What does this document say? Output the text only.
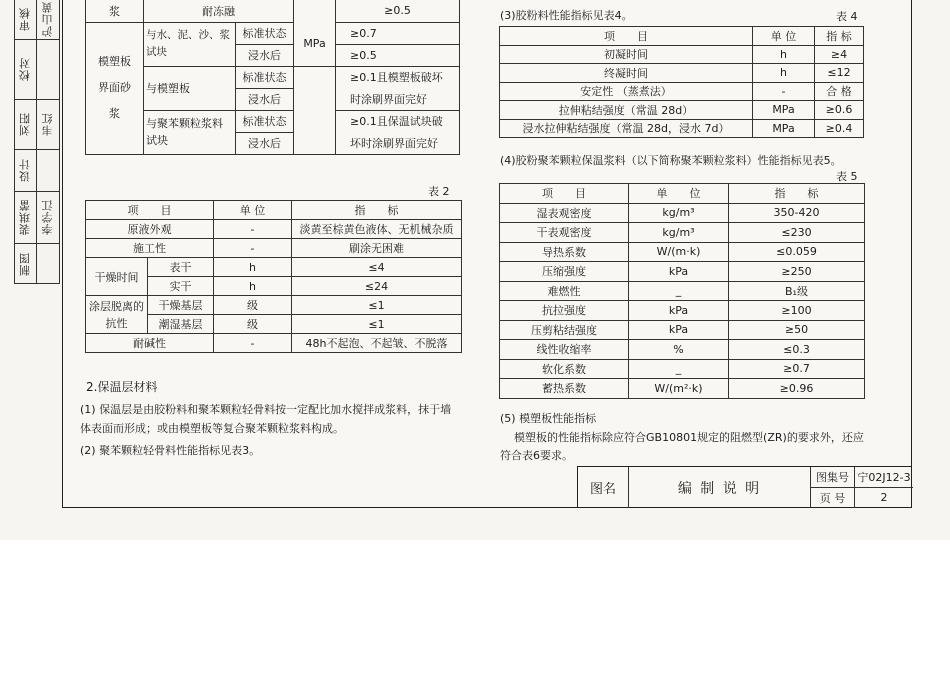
审核 沪山黄
校对
刘阳 韦红
设计
裴琪蕾 李学江
制图
浆	耐冻融			≥0.5
模塑板界面砂浆	与水、泥、沙、浆试块	标准状态	MPa	≥0.7
		浸水后		≥0.5
	与模塑板	标准状态		≥0.1且模塑板破坏
		浸水后		时涂刷界面完好
	与聚苯颗粒浆料试块	标准状态		≥0.1且保温试块破
		浸水后		坏时涂刷界面完好
表 2
项　　目		单 位	指　　标
原液外观		-	淡黄至棕黄色液体、无机械杂质
施工性		-	刷涂无困难
干燥时间	表干	h	≤4
	实干	h	≤24
涂层脱离的抗性	干燥基层	级	≤1
	潮湿基层	级	≤1
耐碱性		-	48h不起泡、不起皱、不脱落
(3)胶粉料性能指标见表4。	表 4
项　　目	单 位	指 标
初凝时间	h	≥4
终凝时间	h	≤12
安定性 （蒸煮法）	-	合 格
拉伸粘结强度（常温 28d）	MPa	≥0.6
浸水拉伸粘结强度（常温 28d，浸水 7d）	MPa	≥0.4
(4)胶粉聚苯颗粒保温浆料（以下简称聚苯颗粒浆料）性能指标见表5。
表 5
项　　目	单　　位	指　　标
湿表观密度	kg/m³	350-420
干表观密度	kg/m³	≤230
导热系数	W/(m·k)	≤0.059
压缩强度	kPa	≥250
难燃性	_	B₁级
抗拉强度	kPa	≥100
压剪粘结强度	kPa	≥50
线性收缩率	%	≤0.3
软化系数	_	≥0.7
蓄热系数	W/(m²·k)	≥0.96
2.保温层材料
(1) 保温层是由胶粉料和聚苯颗粒轻骨料按一定配比加水搅拌成浆料，抹于墙
体表面而形成；或由模塑板等复合聚苯颗粒浆料构成。
(2) 聚苯颗粒轻骨料性能指标见表3。
(5) 模塑板性能指标
模塑板的性能指标除应符合GB10801规定的阻燃型(ZR)的要求外，还应
符合表6要求。
图名	编 制 说 明
图集号 宁02J12-3
页 号	2
